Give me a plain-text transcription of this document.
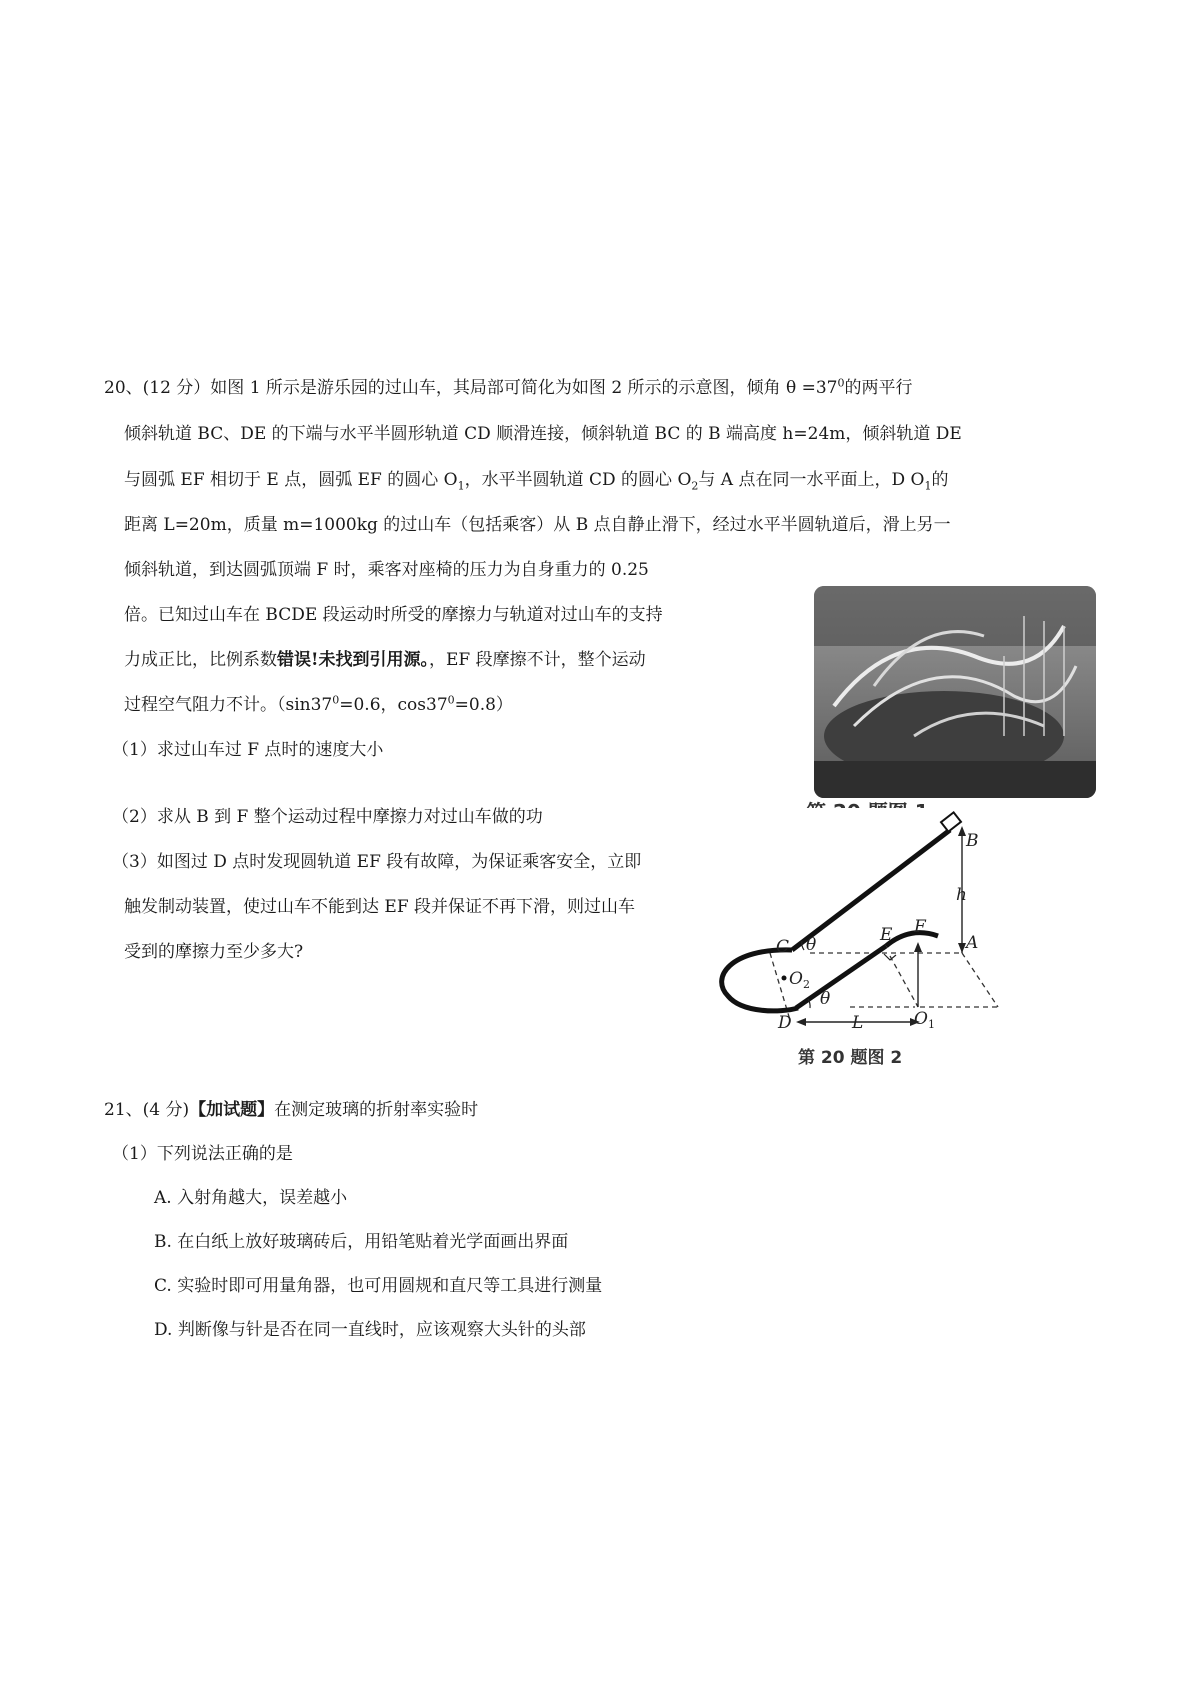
20、(12 分）如图 1 所示是游乐园的过山车，其局部可简化为如图 2 所示的示意图，倾角 $\theta =37^0$的两平行
倾斜轨道 BC、DE 的下端与水平半圆形轨道 CD 顺滑连接，倾斜轨道 BC 的 B 端高度 h=24m，倾斜轨道 DE
与圆弧 EF 相切于 E 点，圆弧 EF 的圆心 $O_1$，水平半圆轨道 CD 的圆心 $O_2$与 A 点在同一水平面上，D $O_1$的
距离 L=20m，质量 m=1000kg 的过山车（包括乘客）从 B 点自静止滑下，经过水平半圆轨道后，滑上另一
倾斜轨道，到达圆弧顶端 F 时，乘客对座椅的压力为自身重力的 0.25
倍。已知过山车在 BCDE 段运动时所受的摩擦力与轨道对过山车的支持
力成正比，比例系数错误!未找到引用源。，EF 段摩擦不计，整个运动
过程空气阻力不计。（$\sin 37^0=0.6$，$\cos 37^0=0.8$）
（1）求过山车过 F 点时的速度大小
（2）求从 B 到 F 整个运动过程中摩擦力对过山车做的功
（3）如图过 D 点时发现圆轨道 EF 段有故障，为保证乘客安全，立即
触发制动装置，使过山车不能到达 EF 段并保证不再下滑，则过山车
受到的摩擦力至少多大?
B
h
A
C θ	E F
$O_2$
θ
D	L	$O_1$
第 20 题图 2
21、(4 分)【加试题】在测定玻璃的折射率实验时
（1）下列说法正确的是
A. 入射角越大，误差越小
B. 在白纸上放好玻璃砖后，用铅笔贴着光学面画出界面
C. 实验时即可用量角器，也可用圆规和直尺等工具进行测量
D. 判断像与针是否在同一直线时，应该观察大头针的头部
